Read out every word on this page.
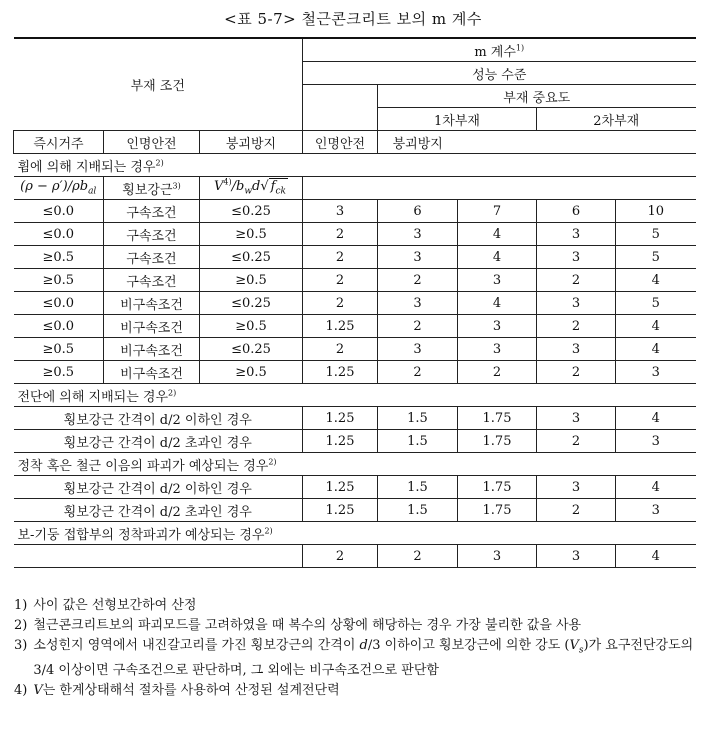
<표 5-7> 철근콘크리트 보의 m 계수
부재 조건			m 계수$^{1)}$
			성능 수준				
				부재 중요도			
				1차부재		2차부재	
즉시거주	인명안전	붕괴방지	인명안전	붕괴방지			
휨에 의해 지배되는 경우$^{2)}$
$(\rho - \rho')/\rho b_{al}$	횡보강근$^{3)}$	$V^{4)}/b_wd√$ $f_{ck}$	
≤0.0	구속조건	≤0.25	3	6	7	6	10
≤0.0	구속조건	≥0.5	2	3	4	3	5
≥0.5	구속조건	≤0.25	2	3	4	3	5
≥0.5	구속조건	≥0.5	2	2	3	2	4
≤0.0	비구속조건	≤0.25	2	3	4	3	5
≤0.0	비구속조건	≥0.5	1.25	2	3	2	4
≥0.5	비구속조건	≤0.25	2	3	3	3	4
≥0.5	비구속조건	≥0.5	1.25	2	2	2	3
전단에 의해 지배되는 경우$^{2)}$
횡보강근 간격이 d/2 이하인 경우			1.25	1.5	1.75	3	4
횡보강근 간격이 d/2 초과인 경우			1.25	1.5	1.75	2	3
정착 혹은 철근 이음의 파괴가 예상되는 경우$^{2)}$
횡보강근 간격이 d/2 이하인 경우			1.25	1.5	1.75	3	4
횡보강근 간격이 d/2 초과인 경우			1.25	1.5	1.75	2	3
보-기둥 접합부의 정착파괴가 예상되는 경우$^{2)}$
			2	2	3	3	4
1) 사이 값은 선형보간하여 산정
2) 철근콘크리트보의 파괴모드를 고려하였을 때 복수의 상황에 해당하는 경우 가장 불리한 값을 사용
3) 소성힌지 영역에서 내진갈고리를 가진 횡보강근의 간격이 d/3 이하이고 횡보강근에 의한 강도 $(V_s)$가 요구전단강도의 3/4 이상이면 구속조건으로 판단하며, 그 외에는 비구속조건으로 판단함
4) V는 한계상태해석 절차를 사용하여 산정된 설계전단력
